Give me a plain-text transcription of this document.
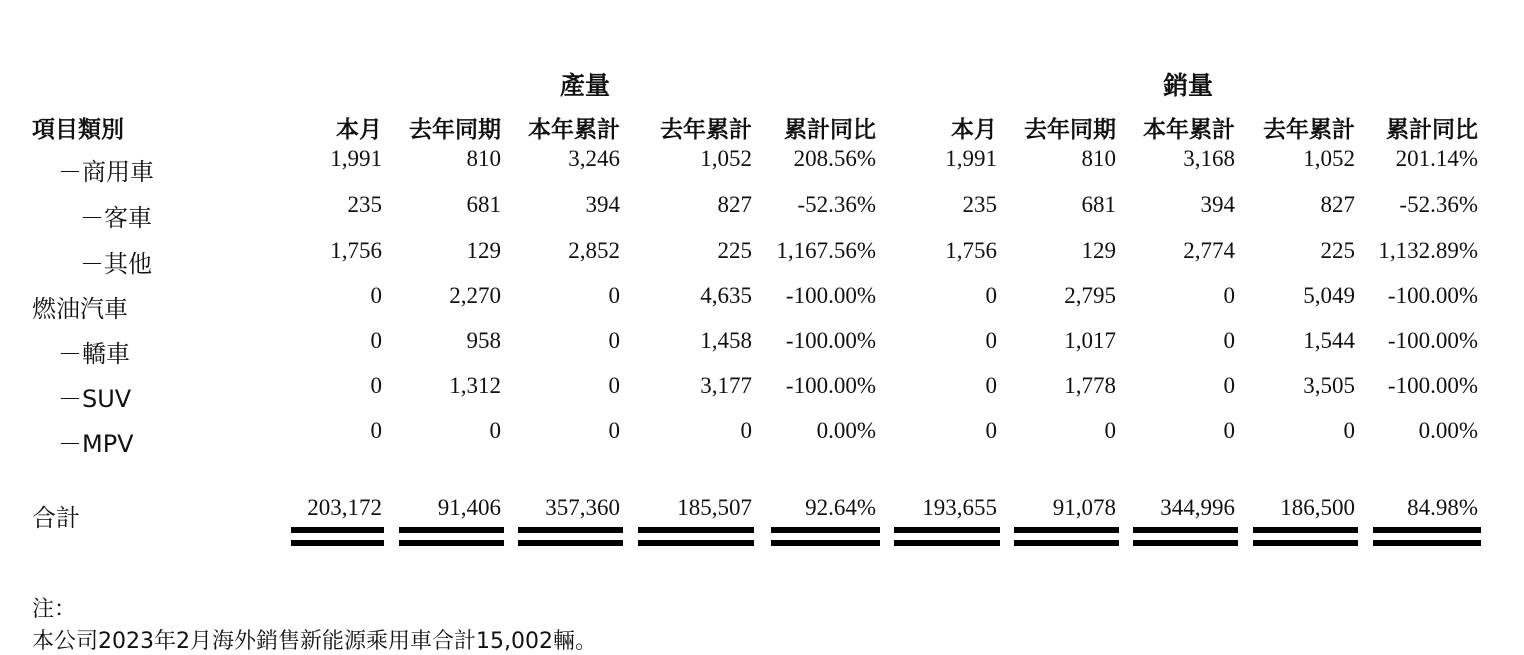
產量	銷量
項目類別	本月 去年同期 本年累計 去年累計 累計同比	本月 去年同期 本年累計 去年累計 累計同比
－商用車	1,991	810	3,246	1,052 208.56%	1,991	810	3,168	1,052 201.14%
－客車	235	681	394	827 -52.36%	235	681	394	827 -52.36%
－其他	1,756	129	2,852	225 1,167.56%	1,756	129	2,774	225 1,132.89%
燃油汽車	0	2,270	0	4,635 -100.00%	0	2,795	0	5,049 -100.00%
－轎車	0	958	0	1,458 -100.00%	0	1,017	0	1,544 -100.00%
－SUV	0	1,312	0	3,177 -100.00%	0	1,778	0	3,505 -100.00%
－MPV	0	0	0	0	0.00%	0	0	0	0	0.00%
合計	203,172 91,406 357,360 185,507 92.64% 193,655 91,078 344,996 186,500 84.98%
注：
本公司2023年2月海外銷售新能源乘用車合計15,002輛。
